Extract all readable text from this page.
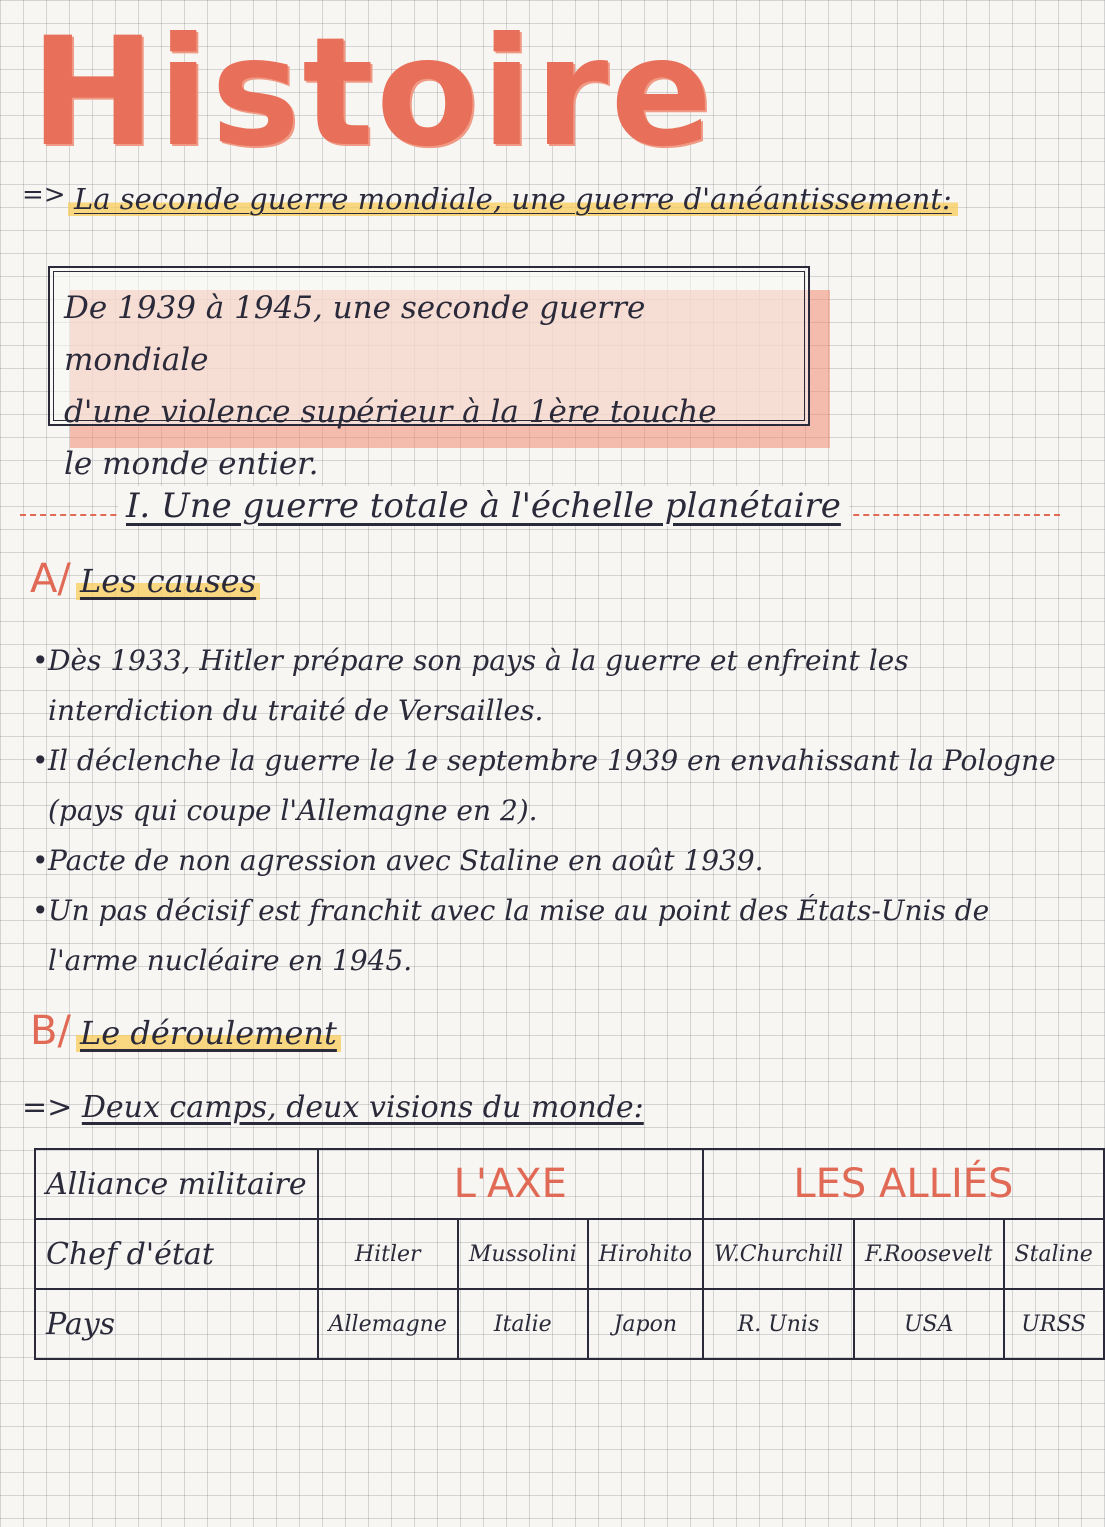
Histoire
=> La seconde guerre mondiale, une guerre d'anéantissement:
De 1939 à 1945, une seconde guerre mondiale
d'une violence supérieur à la 1ère touche
le monde entier.
I. Une guerre totale à l'échelle planétaire
A/ Les causes
• Dès 1933, Hitler prépare son pays à la guerre et enfreint les interdiction du traité de Versailles.
• Il déclenche la guerre le 1e septembre 1939 en envahissant la Pologne (pays qui coupe l'Allemagne en 2).
• Pacte de non agression avec Staline en août 1939.
• Un pas décisif est franchit avec la mise au point des États-Unis de l'arme nucléaire en 1945.
B/ Le déroulement
=> Deux camps, deux visions du monde:
Alliance militaire	L'AXE			LES ALLIÉS		
Chef d'état	Hitler	Mussolini	Hirohito	W.Churchill	F.Roosevelt	Staline
Pays	Allemagne	Italie	Japon	R. Unis	USA	URSS
